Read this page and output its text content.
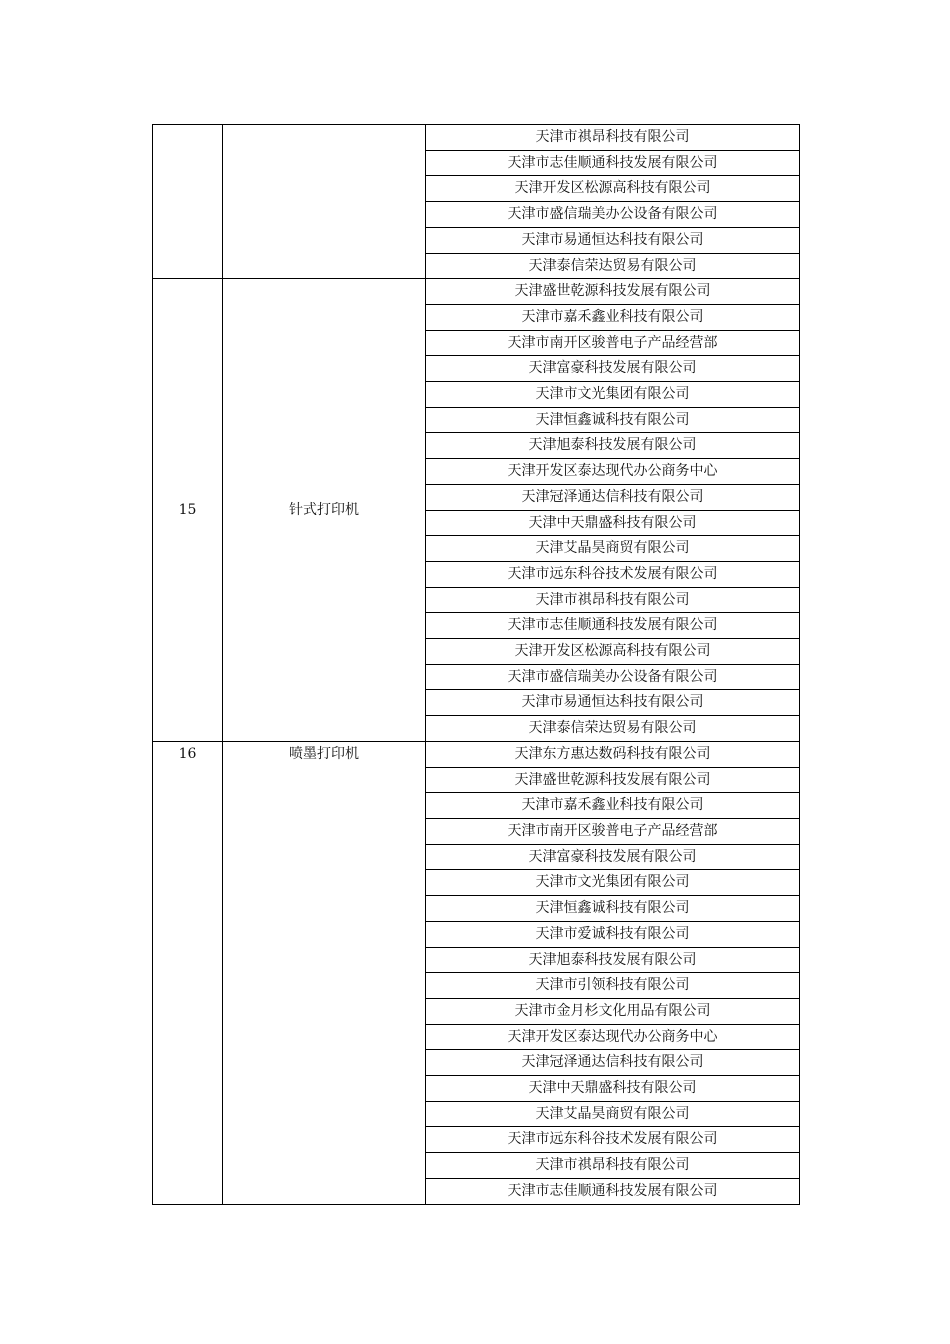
		天津市祺昂科技有限公司
		天津市志佳顺通科技发展有限公司
		天津开发区松源高科技有限公司
		天津市盛信瑞美办公设备有限公司
		天津市易通恒达科技有限公司
		天津泰信荣达贸易有限公司
15	针式打印机	天津盛世乾源科技发展有限公司
		天津市嘉禾鑫业科技有限公司
		天津市南开区骏普电子产品经营部
		天津富豪科技发展有限公司
		天津市文光集团有限公司
		天津恒鑫诚科技有限公司
		天津旭泰科技发展有限公司
		天津开发区泰达现代办公商务中心
		天津冠泽通达信科技有限公司
		天津中天鼎盛科技有限公司
		天津艾晶昊商贸有限公司
		天津市远东科谷技术发展有限公司
		天津市祺昂科技有限公司
		天津市志佳顺通科技发展有限公司
		天津开发区松源高科技有限公司
		天津市盛信瑞美办公设备有限公司
		天津市易通恒达科技有限公司
		天津泰信荣达贸易有限公司
16	喷墨打印机	天津东方惠达数码科技有限公司
		天津盛世乾源科技发展有限公司
		天津市嘉禾鑫业科技有限公司
		天津市南开区骏普电子产品经营部
		天津富豪科技发展有限公司
		天津市文光集团有限公司
		天津恒鑫诚科技有限公司
		天津市爱诚科技有限公司
		天津旭泰科技发展有限公司
		天津市引领科技有限公司
		天津市金月杉文化用品有限公司
		天津开发区泰达现代办公商务中心
		天津冠泽通达信科技有限公司
		天津中天鼎盛科技有限公司
		天津艾晶昊商贸有限公司
		天津市远东科谷技术发展有限公司
		天津市祺昂科技有限公司
		天津市志佳顺通科技发展有限公司
